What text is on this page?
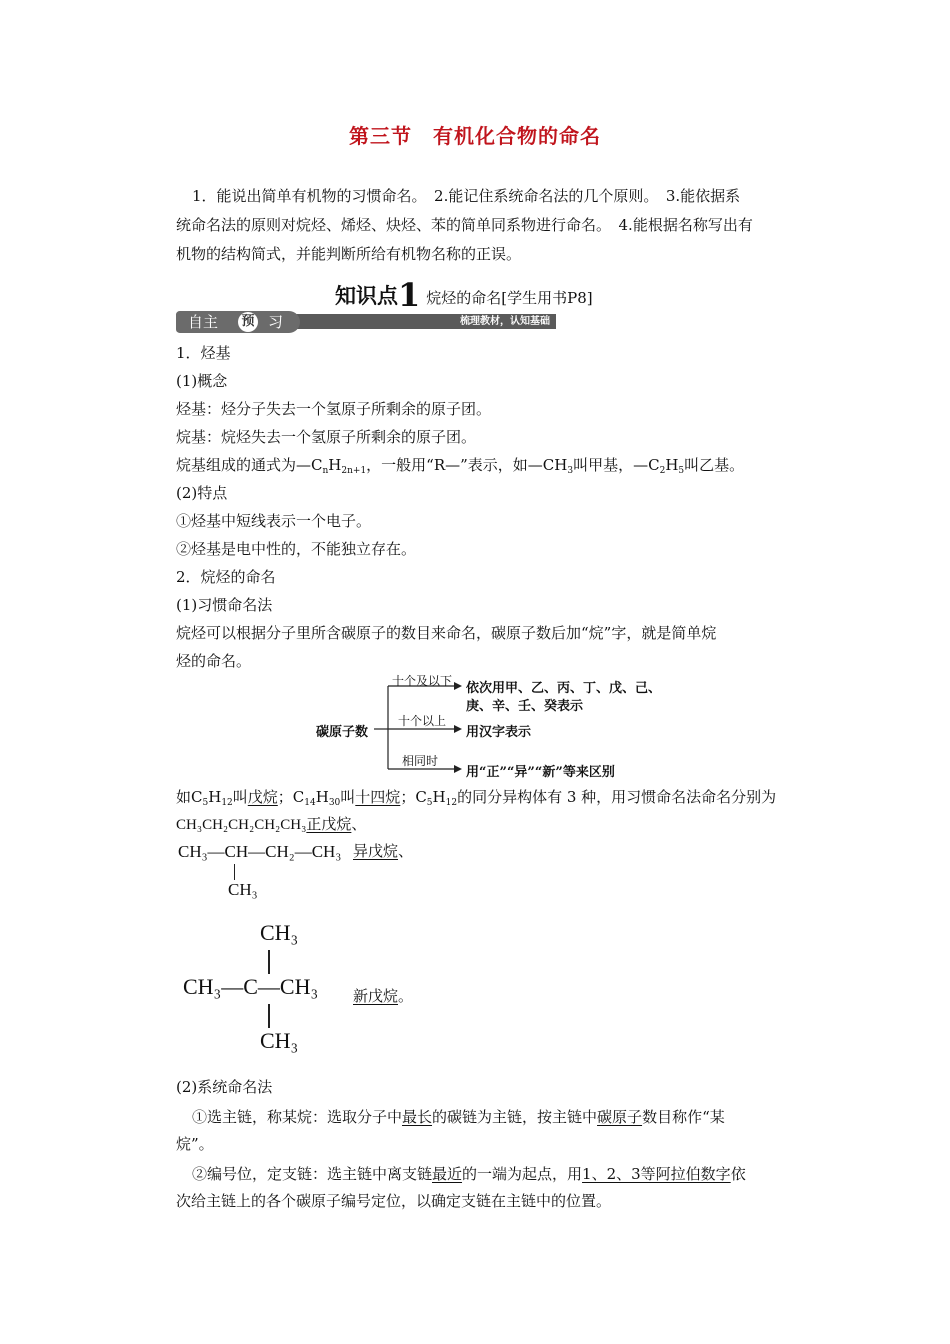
第三节　有机化合物的命名
1．能说出简单有机物的习惯命名。　2.能记住系统命名法的几个原则。　3.能依据系
统命名法的原则对烷烃、烯烃、炔烃、苯的简单同系物进行命名。　4.能根据名称写出有
机物的结构简式，并能判断所给有机物名称的正误。
知识点1 烷烃的命名[学生用书P8]
自主 预 习	梳理教材，认知基础
1．烃基
(1)概念
烃基：烃分子失去一个氢原子所剩余的原子团。
烷基：烷烃失去一个氢原子所剩余的原子团。
烷基组成的通式为$—C_nH_{2n+1}$，一般用“R—”表示，如$—CH_3$叫甲基，$—C_2H_5$叫乙基。
(2)特点
①烃基中短线表示一个电子。
②烃基是电中性的，不能独立存在。
2．烷烃的命名
(1)习惯命名法
烷烃可以根据分子里所含碳原子的数目来命名，碳原子数后加“烷”字，就是简单烷
烃的命名。
碳原子数
十个及以下 依次用甲、乙、丙、丁、戊、己、
庚、辛、壬、癸表示
十个以上
用汉字表示
相同时
用“正”“异”“新”等来区别
如$C_5H_{12}$叫戊烷；$C_{14}H_{30}$叫十四烷；$C_5H_{12}$的同分异构体有 3 种，用习惯命名法命名分别为
CH₃CH₂CH₂CH₂CH₃正戊烷、
CH₃—CH—CH₂—CH₃ 异戊烷、
CH₃
CH₃
CH₃—C—CH₃ 新戊烷。
CH₃
(2)系统命名法
①选主链，称某烷：选取分子中最长的碳链为主链，按主链中碳原子数目称作“某
烷”。
②编号位，定支链：选主链中离支链最近的一端为起点，用1、2、3等阿拉伯数字依
次给主链上的各个碳原子编号定位，以确定支链在主链中的位置。
